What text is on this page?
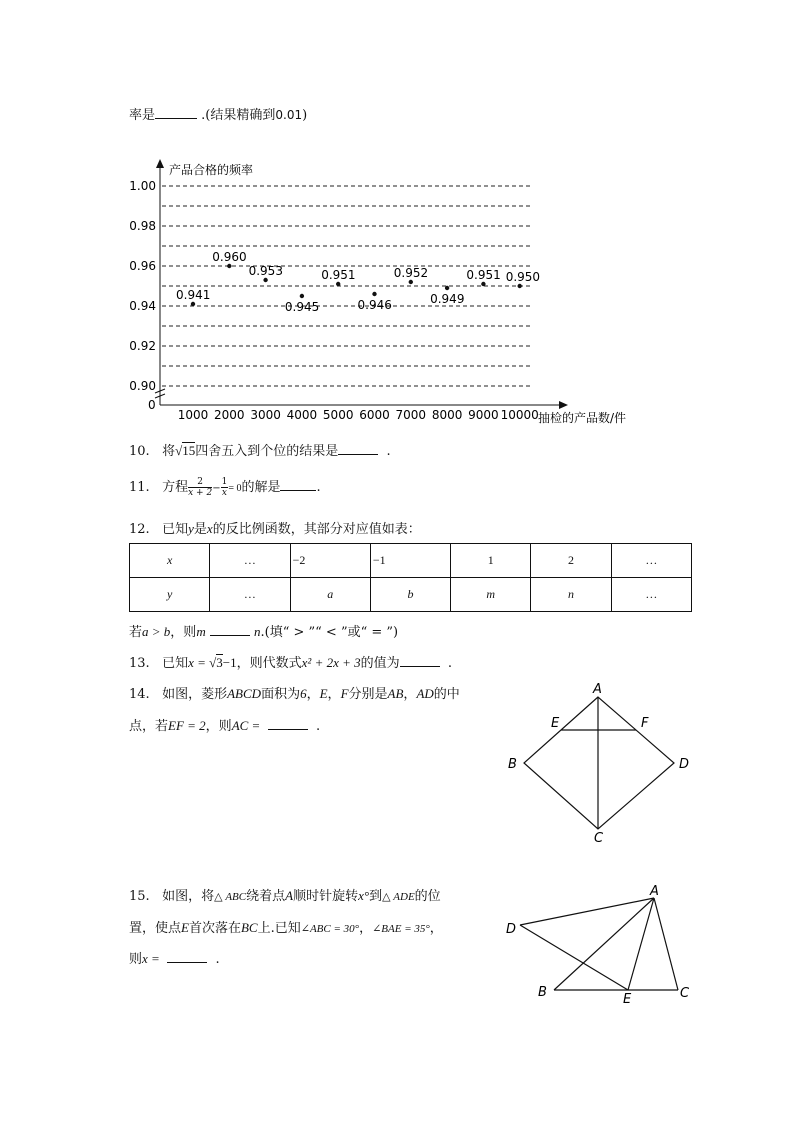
率是	.(结果精确到0.01)
产品合格的频率
抽检的产品数/件
0
1.00
0.98
0.96
0.94
0.92
0.90
1000 2000 3000 4000 5000 6000 7000 8000 9000 10000
0.941
0.960
0.953
0.945
0.951
0.946
0.952
0.949
0.951 0.950
10. 将√15四舍五入到个位的结果是	.
11. 方程 $\frac{2}{x + 2} - \frac{1}{x} = 0$的解是	.
12. 已知y是x的反比例函数，其部分对应值如表：
x	…	−2	−1	1	2	…
y	…	a	b	m	n	…
若a > b，则m	n.(填“ > ”“ < ”或“ = ”)
13. 已知x = √3−1，则代数式x² + 2x + 3的值为	.
14. 如图，菱形ABCD面积为6，E，F分别是AB，AD的中
点，若EF = 2，则AC =	.
A
B
C
D
E	F
15. 如图，将△ ABC绕着点A顺时针旋转x°到△ ADE的位
置，使点E首次落在BC上.已知∠ABC = 30°，∠BAE = 35°，
则x =	.
A
B	C
D
E
